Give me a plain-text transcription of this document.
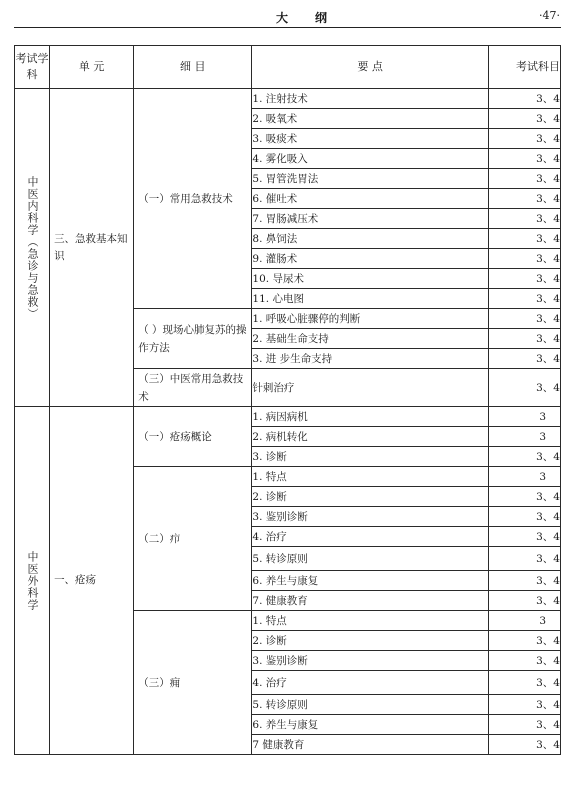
大纲	·47·
考试学科	单 元	细 目	要 点	考试科目

中医内科学（急诊与急救）	三、急救基本知识	（一）常用急救技术	1. 注射技术	3、4
			2. 吸氧术	3、4
			3. 吸痰术	3、4
			4. 雾化吸入	3、4
			5. 胃管洗胃法	3、4
			6. 催吐术	3、4
			7. 胃肠减压术	3、4
			8. 鼻饲法	3、4
			9. 灌肠术	3、4
			10. 导尿术	3、4
			11. 心电图	3、4

		（ ）现场心肺复苏的操作方法	1. 呼吸心脏骤停的判断	3、4
			2. 基础生命支持	3、4
			3. 进 步生命支持	3、4

		（三）中医常用急救技术	针刺治疗	3、4

中医外科学	一、疮疡	（一）疮疡概论	1. 病因病机	3
			2. 病机转化	3
			3. 诊断	3、4

		（二）疖	1. 特点	3
			2. 诊断	3、4
			3. 鉴别诊断	3、4
			4. 治疗	3、4
			5. 转诊原则	3、4
			6. 养生与康复	3、4
			7. 健康教育	3、4

		（三）痈	1. 特点	3
			2. 诊断	3、4
			3. 鉴别诊断	3、4
			4. 治疗	3、4
			5. 转诊原则	3、4
			6. 养生与康复	3、4
			7 健康教育	3、4
